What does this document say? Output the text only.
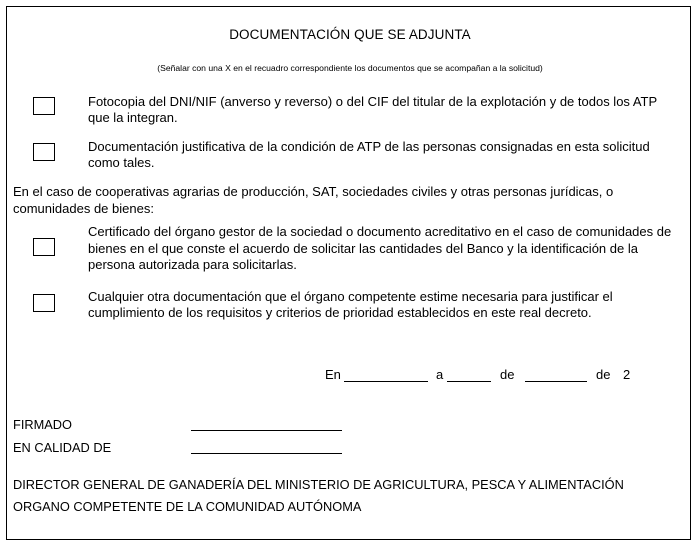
DOCUMENTACIÓN QUE SE ADJUNTA
(Señalar con una X en el recuadro correspondiente los documentos que se acompañan a la solicitud)
Fotocopia del DNI/NIF (anverso y reverso) o del CIF del titular de la explotación y de todos los ATP que la integran.
Documentación justificativa de la condición de ATP de las personas consignadas en esta solicitud como tales.
En el caso de cooperativas agrarias de producción, SAT, sociedades civiles y otras personas jurídicas, o comunidades de bienes:
Certificado del órgano gestor de la sociedad o documento acreditativo en el caso de comunidades de bienes en el que conste el acuerdo de solicitar las cantidades del Banco y la identificación de la persona autorizada para solicitarlas.
Cualquier otra documentación que el órgano competente estime necesaria para justificar el cumplimiento de los requisitos y criterios de prioridad establecidos en este real decreto.
En	a	de	de 2
FIRMADO
EN CALIDAD DE
DIRECTOR GENERAL DE GANADERÍA DEL MINISTERIO DE AGRICULTURA, PESCA Y ALIMENTACIÓN
ORGANO COMPETENTE DE LA COMUNIDAD AUTÓNOMA
